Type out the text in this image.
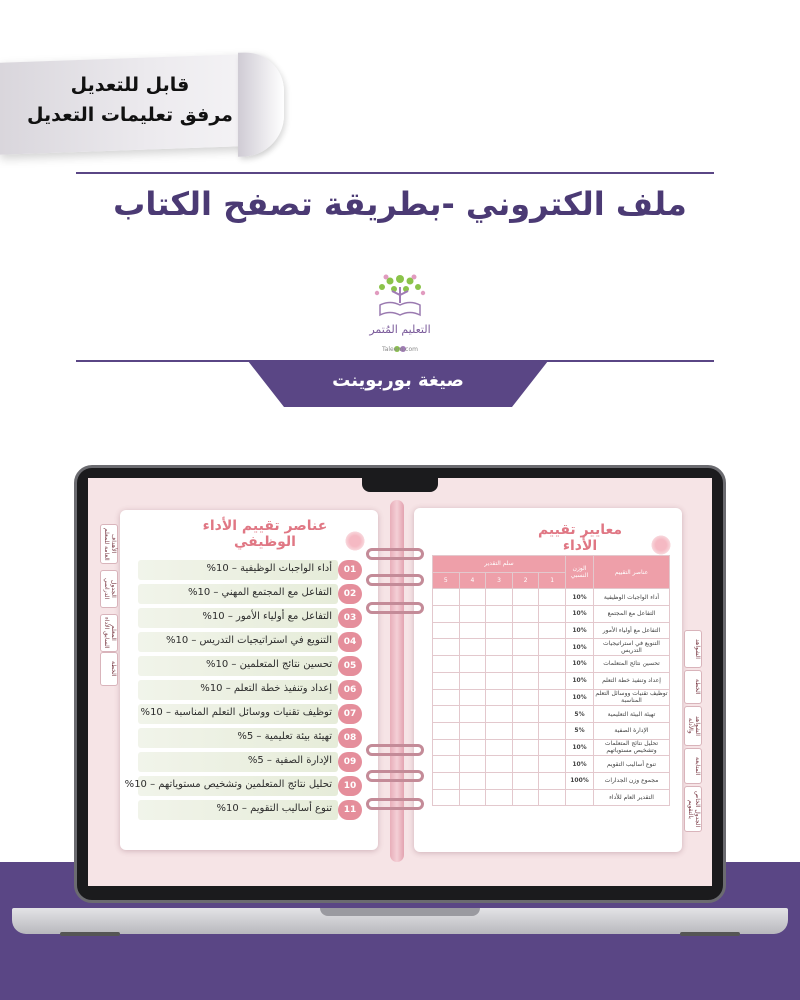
قابل للتعديل
مرفق تعليمات التعديل
ملف الكتروني -بطريقة تصفح الكتاب
التعليم المُتمر
Taleem.com
صيغة بوربوينت
الأهداف العامة للمعلم
الجدول الدراسي
المعلم السابق الأداء
الخطة
عناصر تقييم الأداء الوظيفي
01
أداء الواجبات الوظيفية – 10%
02
التفاعل مع المجتمع المهني – 10%
03
التفاعل مع أولياء الأمور – 10%
04
التنويع في استراتيجيات التدريس – 10%
05
تحسين نتائج المتعلمين – 10%
06
إعداد وتنفيذ خطة التعلم – 10%
07
توظيف تقنيات ووسائل التعلم المناسبة – 10%
08
تهيئة بيئة تعليمية – 5%
09
الإدارة الصفية – 5%
10
تحليل نتائج المتعلمين وتشخيص مستوياتهم – 10%
11
تنوع أساليب التقويم – 10%
معايير تقييم الأداء
عناصر التقييم	الوزن النسبي	سلم التقدير				
		1	2	3	4	5
أداء الواجبات الوظيفية	10%					
التفاعل مع المجتمع	10%					
التفاعل مع أولياء الأمور	10%					
التنويع في استراتيجيات التدريس	10%					
تحسين نتائج المتعلمات	10%					
إعداد وتنفيذ خطة التعلم	10%					
توظيف تقنيات ووسائل التعلم المناسبة	10%					
تهيئة البيئة التعليمية	5%					
الإدارة الصفية	5%					
تحليل نتائج المتعلمات وتشخيص مستوياتهم	10%					
تنوع أساليب التقويم	10%					
مجموع وزن الجدارات	100%					
التقدير العام للأداء						
الشواهد
الخطة
الشواهد والأدلة
المتابعة
الجدول الخاص بالتقويم
